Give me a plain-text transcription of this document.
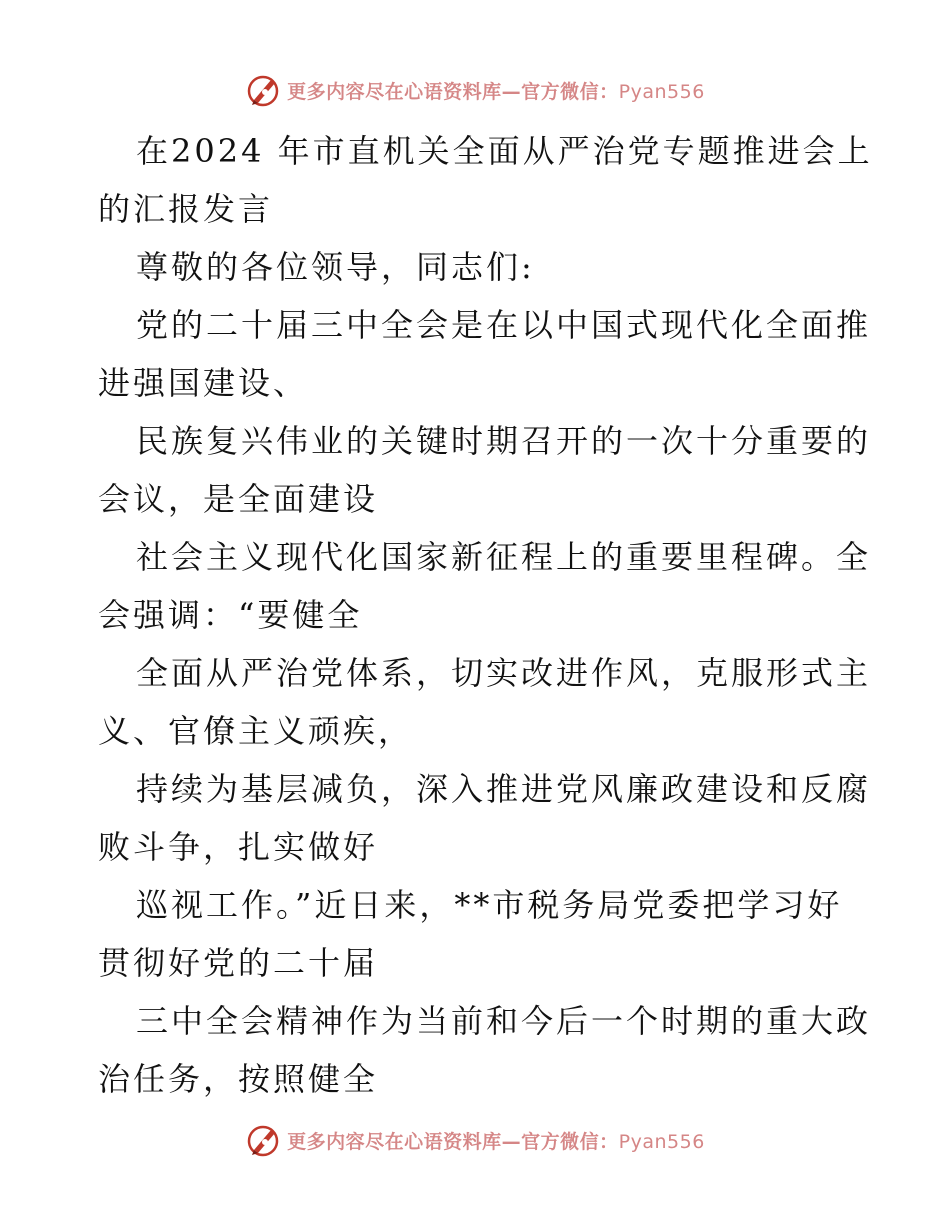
更多内容尽在心语资料库—官方微信：Pyan556
在2024 年市直机关全面从严治党专题推进会上
的汇报发言
尊敬的各位领导，同志们:
党的二十届三中全会是在以中国式现代化全面推
进强国建设、
民族复兴伟业的关键时期召开的一次十分重要的
会议，是全面建设
社会主义现代化国家新征程上的重要里程碑。全
会强调：“要健全
全面从严治党体系，切实改进作风，克服形式主
义、官僚主义顽疾，
持续为基层减负，深入推进党风廉政建设和反腐
败斗争，扎实做好
巡视工作。”近日来，**市税务局党委把学习好
贯彻好党的二十届
三中全会精神作为当前和今后一个时期的重大政
治任务，按照健全
更多内容尽在心语资料库—官方微信：Pyan556
